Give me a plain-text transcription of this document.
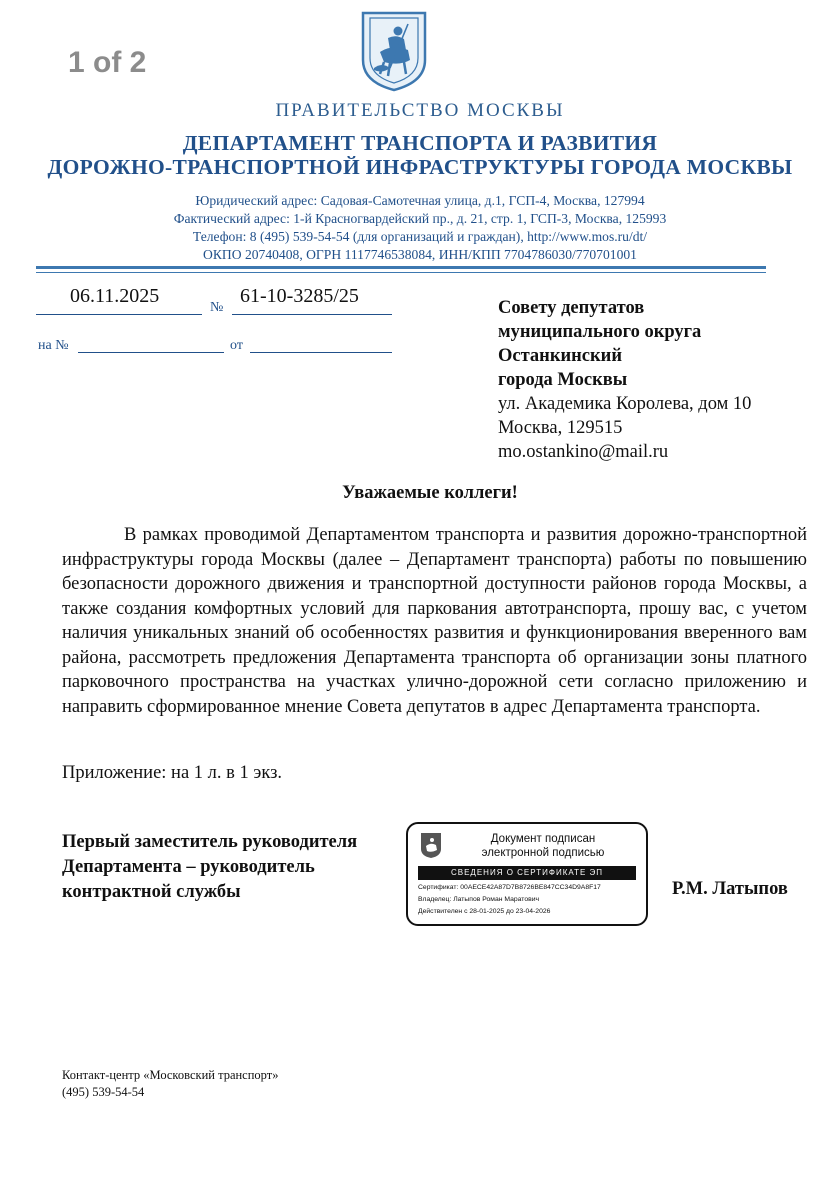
1 of 2
ПРАВИТЕЛЬСТВО МОСКВЫ
ДЕПАРТАМЕНТ ТРАНСПОРТА И РАЗВИТИЯ
ДОРОЖНО-ТРАНСПОРТНОЙ ИНФРАСТРУКТУРЫ ГОРОДА МОСКВЫ
Юридический адрес: Садовая-Самотечная улица, д.1, ГСП-4, Москва, 127994
Фактический адрес: 1-й Красногвардейский пр., д. 21, стр. 1, ГСП-3, Москва, 125993
Телефон: 8 (495) 539-54-54 (для организаций и граждан), http://www.mos.ru/dt/
ОКПО 20740408, ОГРН 1117746538084, ИНН/КПП 7704786030/770701001
06.11.2025
№
61-10-3285/25
на №	от
Совету депутатов
муниципального округа
Останкинский
города Москвы
ул. Академика Королева, дом 10
Москва, 129515
mo.ostankino@mail.ru
Уважаемые коллеги!

В рамках проводимой Департаментом транспорта и развития дорожно-транспортной инфраструктуры города Москвы (далее – Департамент транспорта) работы по повышению безопасности дорожного движения и транспортной доступности районов города Москвы, а также создания комфортных условий для паркования автотранспорта, прошу вас, с учетом наличия уникальных знаний об особенностях развития и функционирования вверенного вам района, рассмотреть предложения Департамента транспорта об организации зоны платного парковочного пространства на участках улично-дорожной сети согласно приложению и направить сформированное мнение Совета депутатов в адрес Департамента транспорта.

Приложение: на 1 л. в 1 экз.
Первый заместитель руководителя
Департамента – руководитель
контрактной службы
Документ подписан
электронной подписью
СВЕДЕНИЯ О СЕРТИФИКАТЕ ЭП
Сертификат: 00AECE42A87D7B8726BE847CC34D9A8F17
Владелец: Латыпов Роман Маратович
Действителен с 28-01-2025 до 23-04-2026
Р.М. Латыпов
Контакт-центр «Московский транспорт»
(495) 539-54-54
